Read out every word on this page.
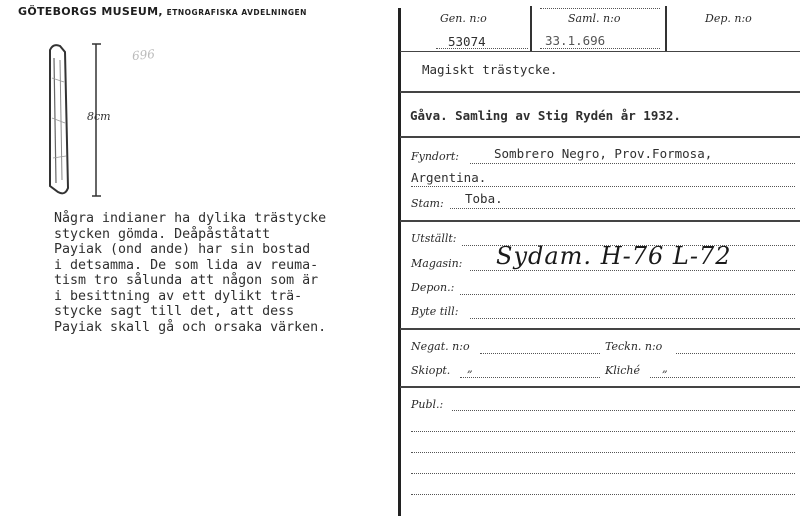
GÖTEBORGS MUSEUM, ETNOGRAFISKA AVDELNINGEN
696
8cm
Några indianer ha dylika trästycke
stycken gömda. Deåpåståtatt
Payiak (ond ande) har sin bostad
i detsamma. De som lida av reuma-
tism tro sålunda att någon som är
i besittning av ett dylikt trä-
stycke sagt till det, att dess
Payiak skall gå och orsaka värken.
Gen. n:o
53074
Saml. n:o
33.1.696
Dep. n:o
Magiskt trästycke.
Gåva. Samling av Stig Rydén år 1932.
Fyndort:	Sombrero Negro, Prov.Formosa,
Argentina.
Stam: Toba.
Utställt:
Magasin: Sydam. H-76 L-72
Depon.:
Byte till:
Negat. n:o	Teckn. n:o
Skiopt. „	Kliché „
Publ.:
